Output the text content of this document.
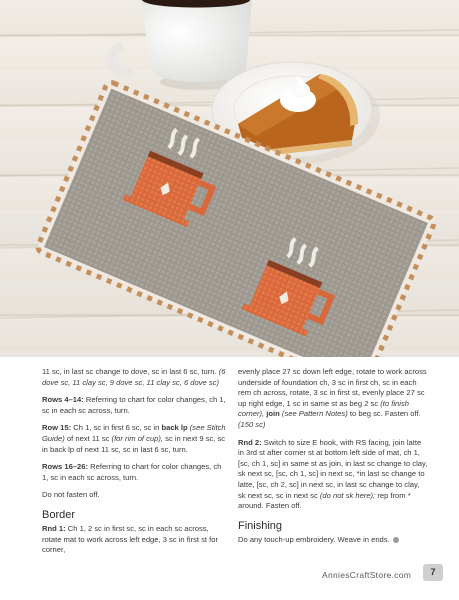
11 sc, in last sc change to dove, sc in last 6 sc, turn. (6 dove sc, 11 clay sc, 9 dove sc, 11 clay sc, 6 dove sc)

Rows 4–14: Referring to chart for color changes, ch 1, sc in each sc across, turn.

Row 15: Ch 1, sc in first 6 sc, sc in back lp (see Stitch Guide) of next 11 sc (for rim of cup), sc in next 9 sc, sc in back lp of next 11 sc, sc in last 6 sc, turn.

Rows 16–26: Referring to chart for color changes, ch 1, sc in each sc across, turn.

Do not fasten off.

Border

Rnd 1: Ch 1, 2 sc in first sc, sc in each sc across, rotate mat to work across left edge, 3 sc in first st for corner,

evenly place 27 sc down left edge, rotate to work across underside of foundation ch, 3 sc in first ch, sc in each rem ch across, rotate, 3 sc in first st, evenly place 27 sc up right edge, 1 sc in same st as beg 2 sc (to finish corner), join (see Pattern Notes) to beg sc. Fasten off. (150 sc)

Rnd 2: Switch to size E hook, with RS facing, join latte in 3rd st after corner st at bottom left side of mat, ch 1, [sc, ch 1, sc] in same st as join, in last sc change to clay, sk next sc, [sc, ch 1, sc] in next sc, *in last sc change to latte, [sc, ch 2, sc] in next sc, in last sc change to clay, sk next sc, sc in next sc (do not sk here); rep from * around. Fasten off.

Finishing

Do any touch-up embroidery. Weave in ends.

AnniesCraftStore.com	7
